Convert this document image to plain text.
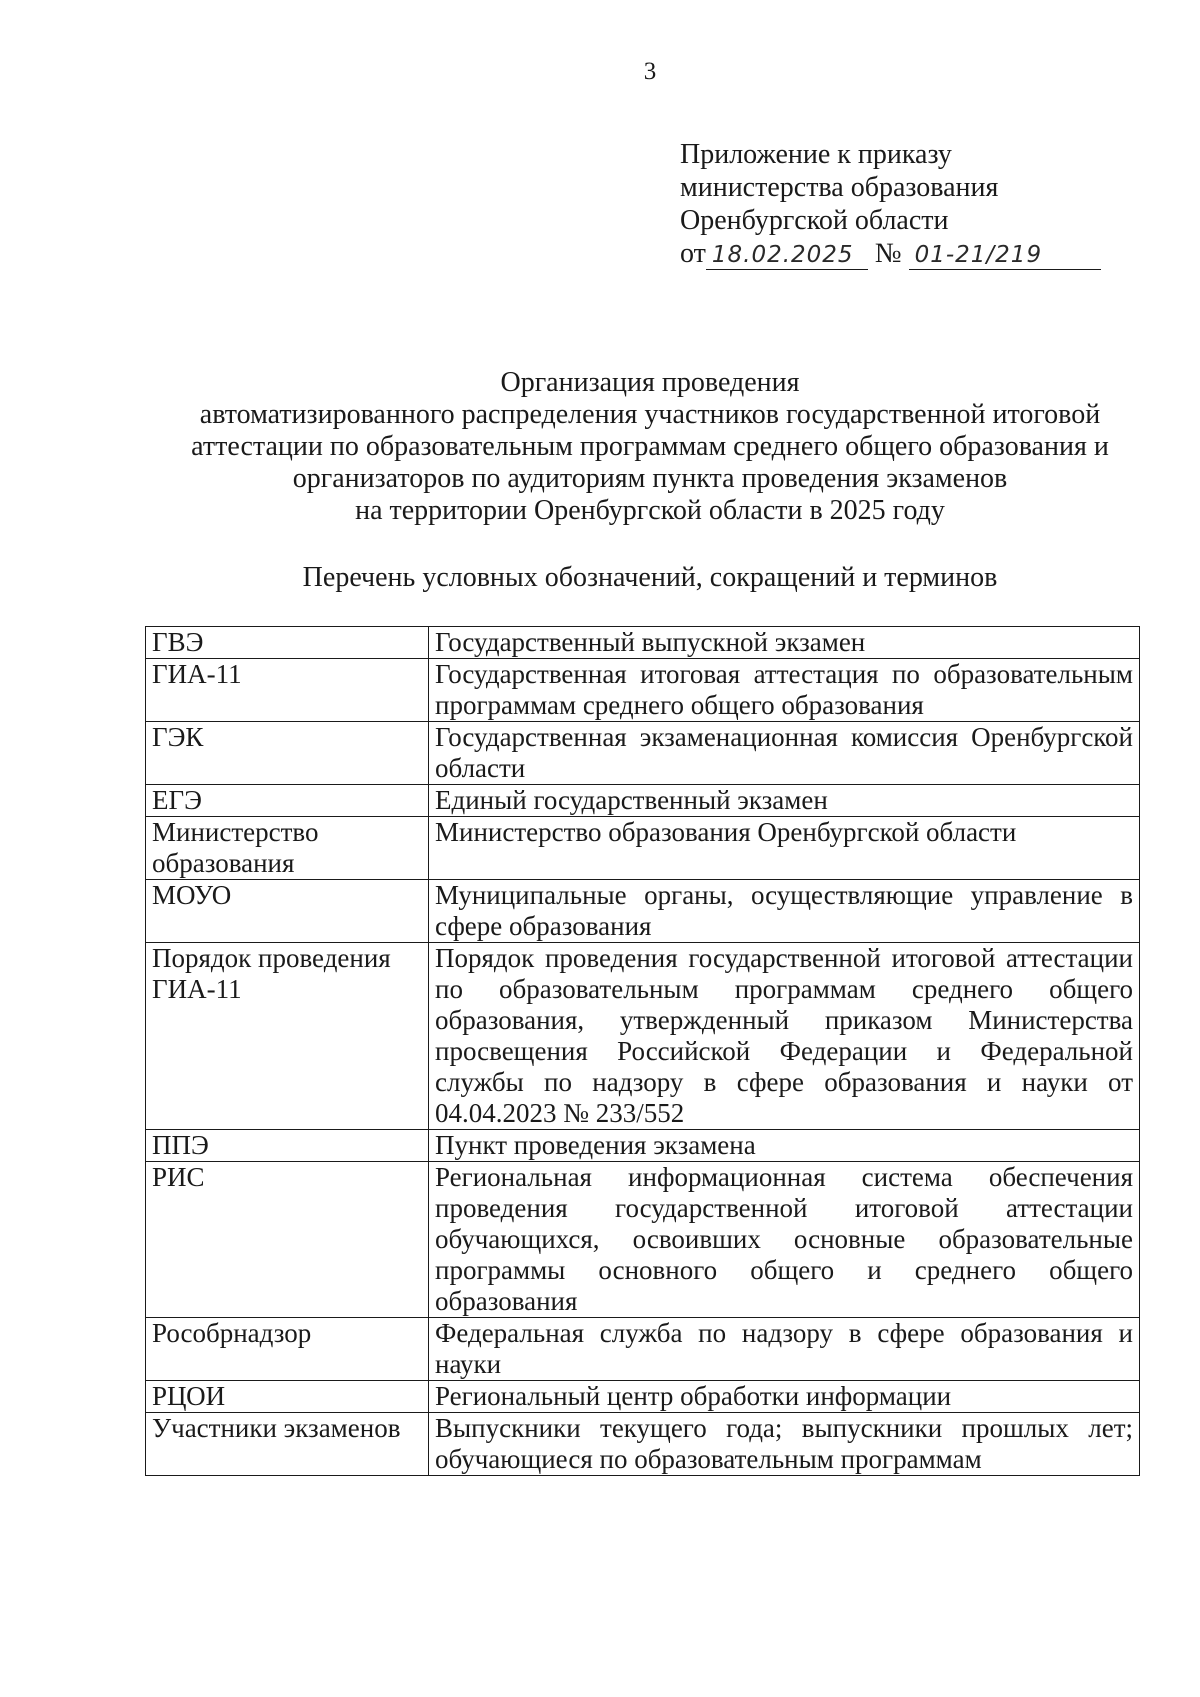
3
Приложение к приказу
министерства образования
Оренбургской области
от 18.02.2025 № 01-21/219
Организация проведения
автоматизированного распределения участников государственной итоговой
аттестации по образовательным программам среднего общего образования и
организаторов по аудиториям пункта проведения экзаменов
на территории Оренбургской области в 2025 году
Перечень условных обозначений, сокращений и терминов
ГВЭ	Государственный выпускной экзамен
ГИА-11	Государственная итоговая аттестация по образовательным программам среднего общего образования
ГЭК	Государственная экзаменационная комиссия Оренбургской области
ЕГЭ	Единый государственный экзамен
Министерство образования	Министерство образования Оренбургской области
МОУО	Муниципальные органы, осуществляющие управление в сфере образования
Порядок проведения ГИА-11	Порядок проведения государственной итоговой аттестации по образовательным программам среднего общего образования, утвержденный приказом Министерства просвещения Российской Федерации и Федеральной службы по надзору в сфере образования и науки от 04.04.2023 № 233/552
ППЭ	Пункт проведения экзамена
РИС	Региональная информационная система обеспечения проведения государственной итоговой аттестации обучающихся, освоивших основные образовательные программы основного общего и среднего общего образования
Рособрнадзор	Федеральная служба по надзору в сфере образования и науки
РЦОИ	Региональный центр обработки информации
Участники экзаменов	Выпускники текущего года; выпускники прошлых лет; обучающиеся по образовательным программам
